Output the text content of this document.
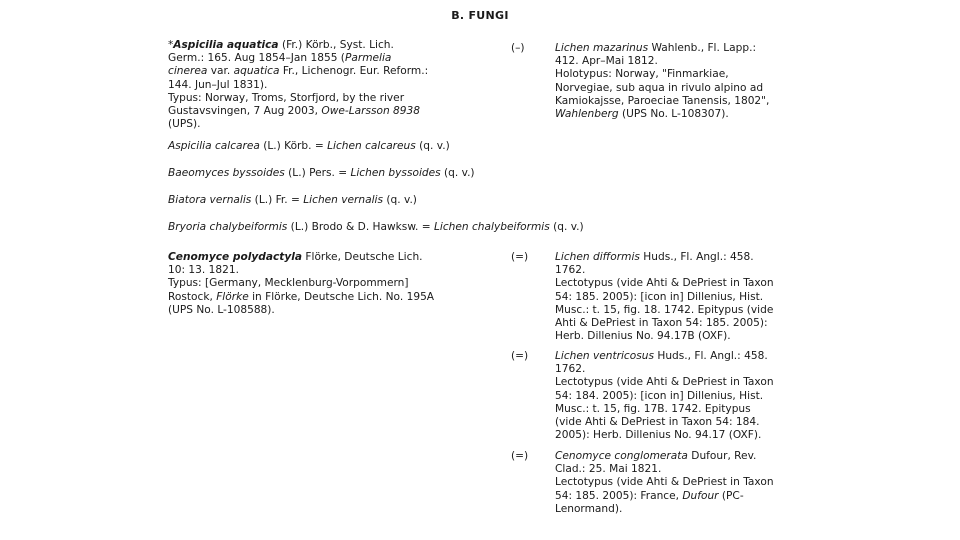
B. FUNGI
*Aspicilia aquatica (Fr.) Körb., Syst. Lich.
Germ.: 165. Aug 1854–Jan 1855 (Parmelia
cinerea var. aquatica Fr., Lichenogr. Eur. Reform.:
144. Jun–Jul 1831).
Typus: Norway, Troms, Storfjord, by the river
Gustavsvingen, 7 Aug 2003, Owe-Larsson 8938
(UPS).
(–)	Lichen mazarinus Wahlenb., Fl. Lapp.:
412. Apr–Mai 1812.
Holotypus: Norway, "Finmarkiae,
Norvegiae, sub aqua in rivulo alpino ad
Kamiokajsse, Paroeciae Tanensis, 1802",
Wahlenberg (UPS No. L-108307).
Aspicilia calcarea (L.) Körb. = Lichen calcareus (q. v.)
Baeomyces byssoides (L.) Pers. = Lichen byssoides (q. v.)
Biatora vernalis (L.) Fr. = Lichen vernalis (q. v.)
Bryoria chalybeiformis (L.) Brodo & D. Hawksw. = Lichen chalybeiformis (q. v.)
Cenomyce polydactyla Flörke, Deutsche Lich.
10: 13. 1821.
Typus: [Germany, Mecklenburg-Vorpommern]
Rostock, Flörke in Flörke, Deutsche Lich. No. 195A
(UPS No. L-108588).
(=)	Lichen difformis Huds., Fl. Angl.: 458.
1762.
Lectotypus (vide Ahti & DePriest in Taxon
54: 185. 2005): [icon in] Dillenius, Hist.
Musc.: t. 15, fig. 18. 1742. Epitypus (vide
Ahti & DePriest in Taxon 54: 185. 2005):
Herb. Dillenius No. 94.17B (OXF).
(=)	Lichen ventricosus Huds., Fl. Angl.: 458.
1762.
Lectotypus (vide Ahti & DePriest in Taxon
54: 184. 2005): [icon in] Dillenius, Hist.
Musc.: t. 15, fig. 17B. 1742. Epitypus
(vide Ahti & DePriest in Taxon 54: 184.
2005): Herb. Dillenius No. 94.17 (OXF).
(=)	Cenomyce conglomerata Dufour, Rev.
Clad.: 25. Mai 1821.
Lectotypus (vide Ahti & DePriest in Taxon
54: 185. 2005): France, Dufour (PC-
Lenormand).
